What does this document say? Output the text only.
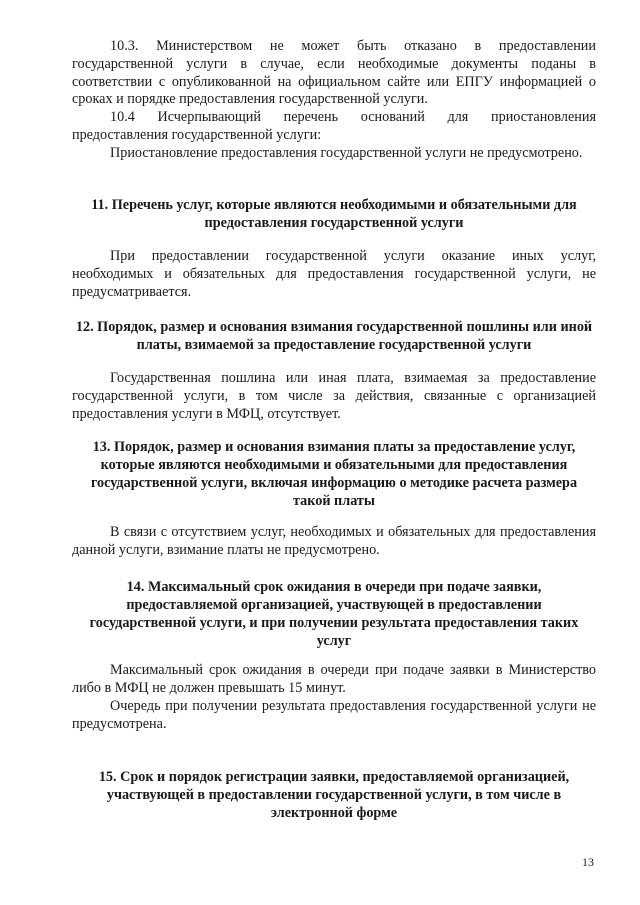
10.3. Министерством не может быть отказано в предоставлении государственной услуги в случае, если необходимые документы поданы в соответствии с опубликованной на официальном сайте или ЕПГУ информацией о сроках и порядке предоставления государственной услуги.

10.4 Исчерпывающий перечень оснований для приостановления предоставления государственной услуги:

Приостановление предоставления государственной услуги не предусмотрено.

11. Перечень услуг, которые являются необходимыми и обязательными для предоставления государственной услуги

При предоставлении государственной услуги оказание иных услуг, необходимых и обязательных для предоставления государственной услуги, не предусматривается.

12. Порядок, размер и основания взимания государственной пошлины или иной платы, взимаемой за предоставление государственной услуги

Государственная пошлина или иная плата, взимаемая за предоставление государственной услуги, в том числе за действия, связанные с организацией предоставления услуги в МФЦ, отсутствует.

13. Порядок, размер и основания взимания платы за предоставление услуг, которые являются необходимыми и обязательными для предоставления государственной услуги, включая информацию о методике расчета размера такой платы

В связи с отсутствием услуг, необходимых и обязательных для предоставления данной услуги, взимание платы не предусмотрено.

14. Максимальный срок ожидания в очереди при подаче заявки, предоставляемой организацией, участвующей в предоставлении государственной услуги, и при получении результата предоставления таких услуг

Максимальный срок ожидания в очереди при подаче заявки в Министерство либо в МФЦ не должен превышать 15 минут.

Очередь при получении результата предоставления государственной услуги не предусмотрена.

15. Срок и порядок регистрации заявки, предоставляемой организацией, участвующей в предоставлении государственной услуги, в том числе в электронной форме
13
